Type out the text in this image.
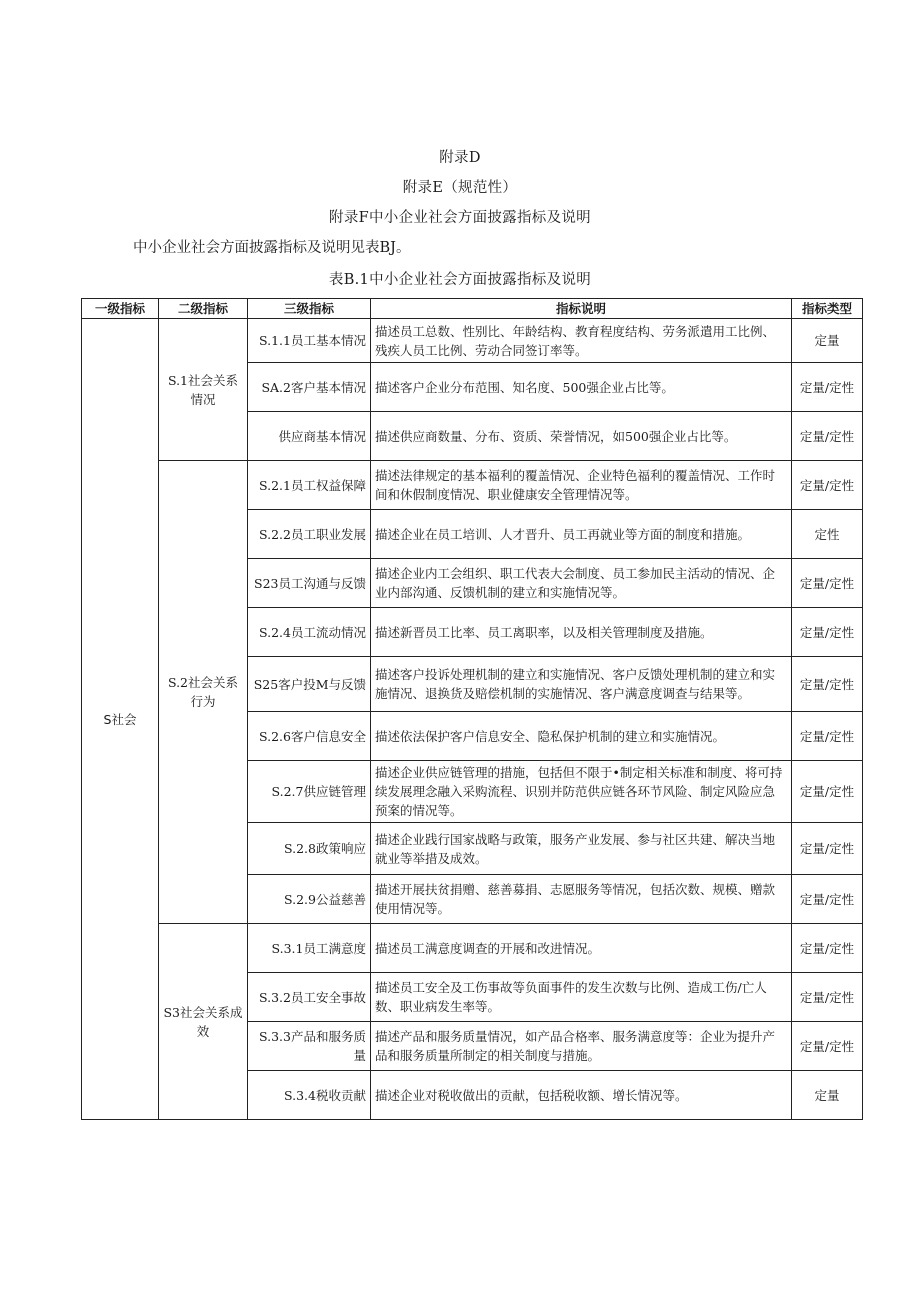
附录D
附录E（规范性）
附录F中小企业社会方面披露指标及说明
中小企业社会方面披露指标及说明见表BJ。
表B.1中小企业社会方面披露指标及说明
一级指标	二级指标	三级指标	指标说明	指标类型
S社会	S.1社会关系情况	S.1.1员工基本情况	描述员工总数、性别比、年龄结构、教育程度结构、劳务派遣用工比例、残疾人员工比例、劳动合同签订率等。	定量
		SA.2客户基本情况	描述客户企业分布范围、知名度、500强企业占比等。	定量/定性
		供应商基本情况	描述供应商数量、分布、资质、荣誉情况，如500强企业占比等。	定量/定性
	S.2社会关系行为	S.2.1员工权益保障	描述法律规定的基本福利的覆盖情况、企业特色福利的覆盖情况、工作时间和休假制度情况、职业健康安全管理情况等。	定量/定性
		S.2.2员工职业发展	描述企业在员工培训、人才晋升、员工再就业等方面的制度和措施。	定性
		S23员工沟通与反馈	描述企业内工会组织、职工代表大会制度、员工参加民主活动的情况、企业内部沟通、反馈机制的建立和实施情况等。	定量/定性
		S.2.4员工流动情况	描述新晋员工比率、员工离职率，以及相关管理制度及措施。	定量/定性
		S25客户投M与反馈	描述客户投诉处理机制的建立和实施情况、客户反馈处理机制的建立和实施情况、退换货及赔偿机制的实施情况、客户满意度调查与结果等。	定量/定性
		S.2.6客户信息安全	描述依法保护客户信息安全、隐私保护机制的建立和实施情况。	定量/定性
		S.2.7供应链管理	描述企业供应链管理的措施，包括但不限于•制定相关标准和制度、将可持续发展理念融入采购流程、识别并防范供应链各环节风险、制定风险应急预案的情况等。	定量/定性
		S.2.8政策响应	描述企业践行国家战略与政策，服务产业发展、参与社区共建、解决当地就业等举措及成效。	定量/定性
		S.2.9公益慈善	描述开展扶贫捐赠、慈善募捐、志愿服务等情况，包括次数、规模、赠款使用情况等。	定量/定性
	S3社会关系成效	S.3.1员工满意度	描述员工满意度调查的开展和改进情况。	定量/定性
		S.3.2员工安全事故	描述员工安全及工伤事故等负面事件的发生次数与比例、造成工伤/亡人数、职业病发生率等。	定量/定性
		S.3.3产品和服务质量	描述产品和服务质量情况，如产品合格率、服务满意度等：企业为提升产品和服务质量所制定的相关制度与措施。	定量/定性
		S.3.4税收贡献	描述企业对税收做出的贡献，包括税收额、增长情况等。	定量
